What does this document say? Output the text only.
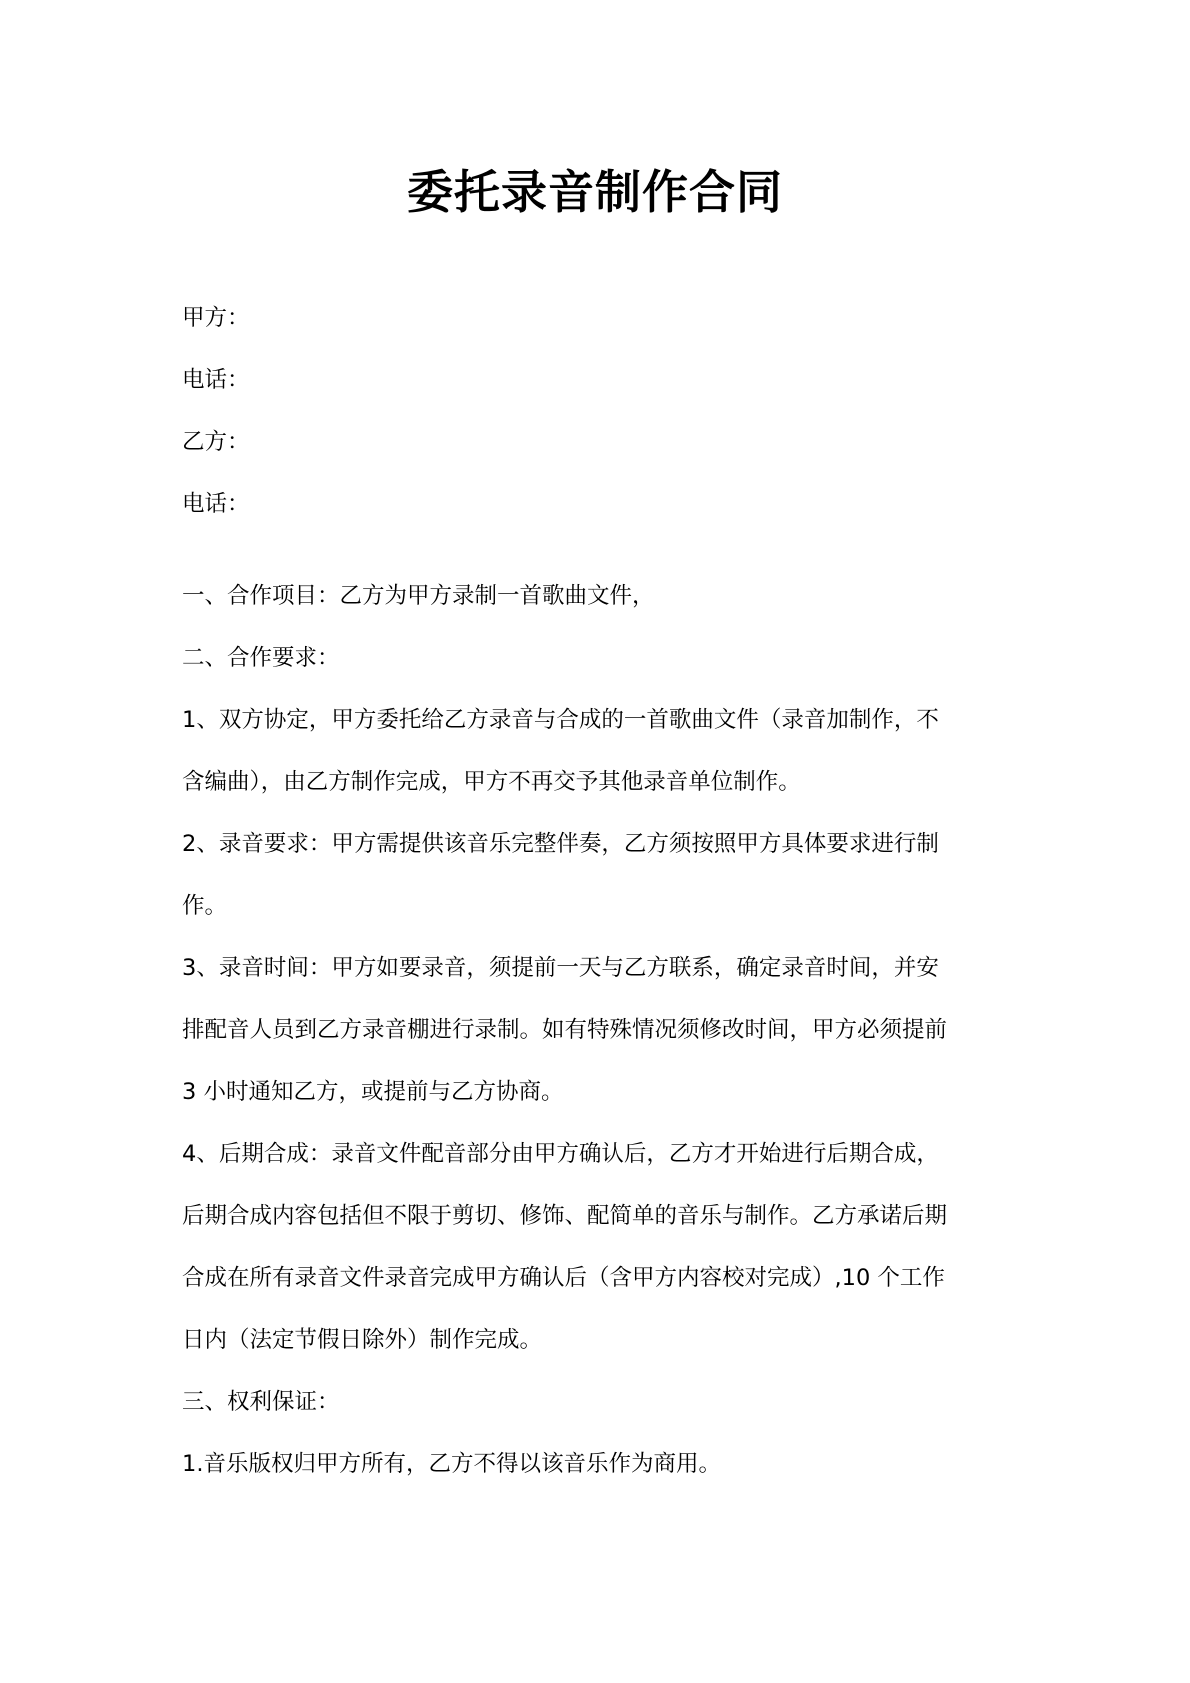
委托录音制作合同
甲方：
电话：
乙方：
电话：
一、合作项目：乙方为甲方录制一首歌曲文件，
二、合作要求：
1、双方协定，甲方委托给乙方录音与合成的一首歌曲文件（录音加制作，不
含编曲），由乙方制作完成，甲方不再交予其他录音单位制作。
2、录音要求：甲方需提供该音乐完整伴奏，乙方须按照甲方具体要求进行制
作。
3、录音时间：甲方如要录音，须提前一天与乙方联系，确定录音时间，并安
排配音人员到乙方录音棚进行录制。如有特殊情况须修改时间，甲方必须提前
3 小时通知乙方，或提前与乙方协商。
4、后期合成：录音文件配音部分由甲方确认后，乙方才开始进行后期合成，
后期合成内容包括但不限于剪切、修饰、配简单的音乐与制作。乙方承诺后期
合成在所有录音文件录音完成甲方确认后（含甲方内容校对完成）,10 个工作
日内（法定节假日除外）制作完成。
三、权利保证：
1.音乐版权归甲方所有，乙方不得以该音乐作为商用。
